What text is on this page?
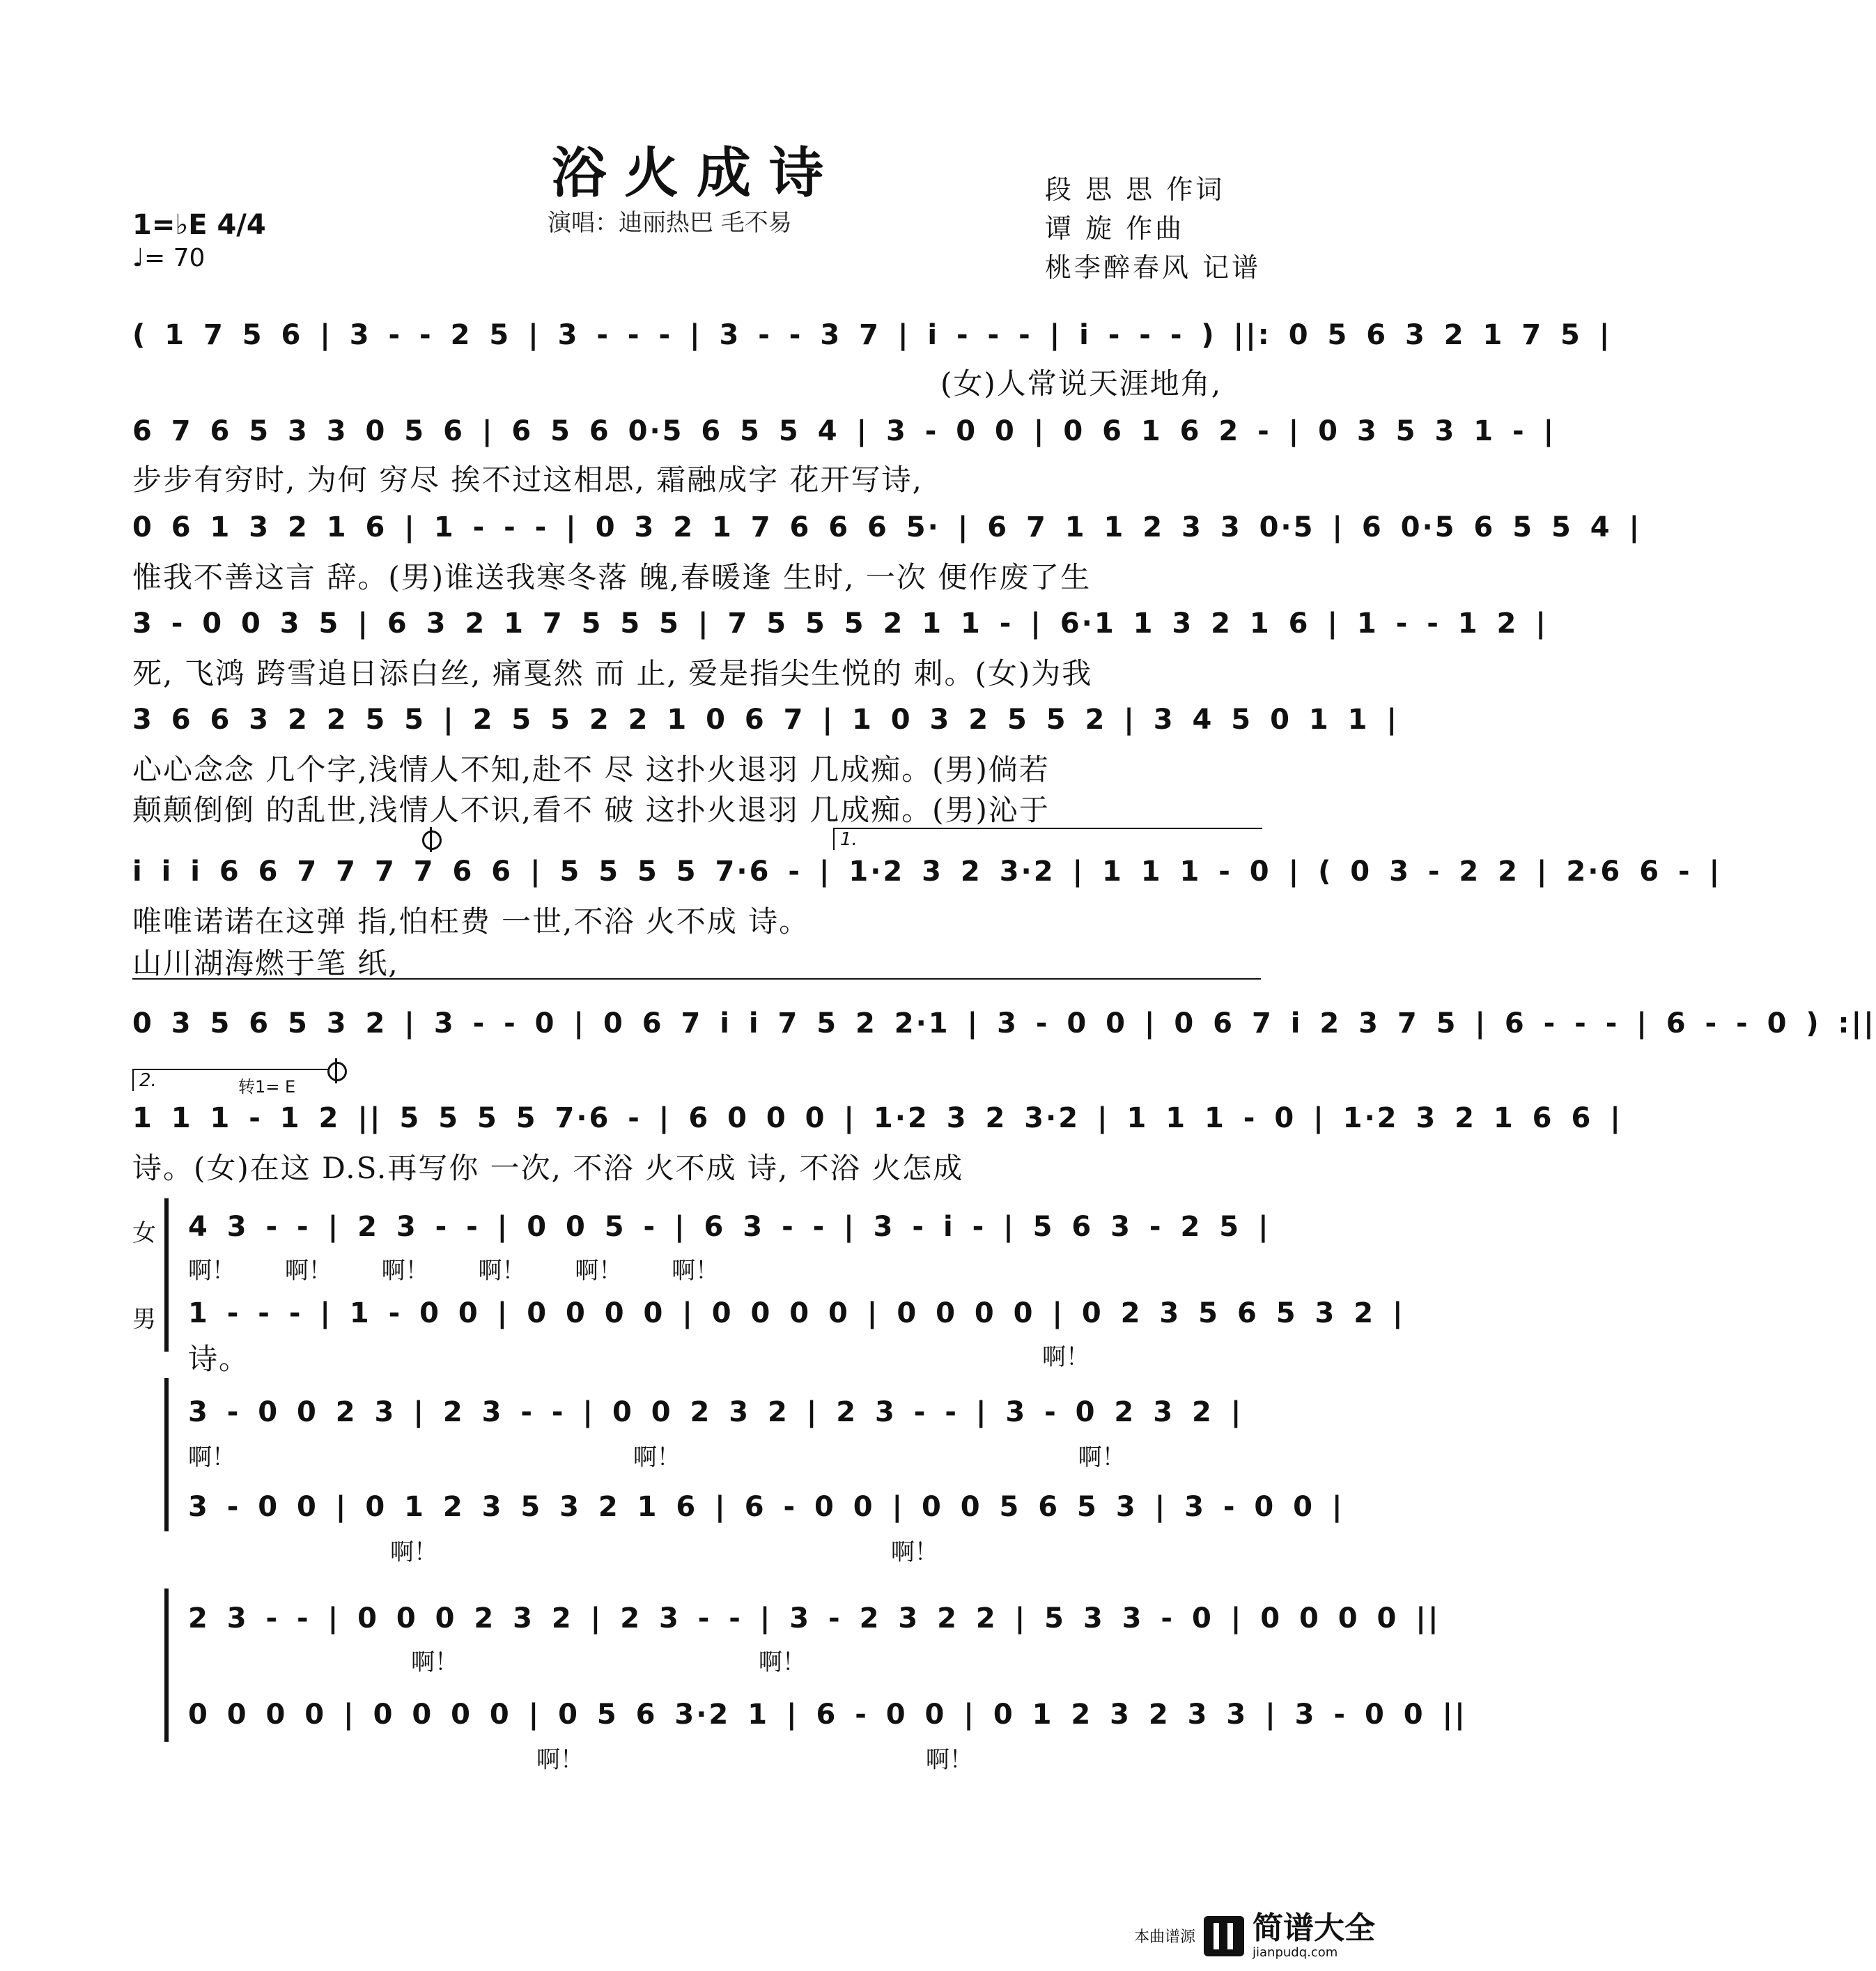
浴火成诗
演唱：迪丽热巴 毛不易
段 思 思 作词
谭 旋 作曲
桃李醉春风 记谱
1=♭E 4/4
♩= 70
( 1 7 5 6 | 3 - - 2 5 | 3 - - - | 3 - - 3 7 | i - - - | i - - - ) ||: 0 5 6 3 2 1 7 5 |
(女)人常说天涯地角,
6 7 6 5 3 3 0 5 6 | 6 5 6 0·5 6 5 5 4 | 3 - 0 0 | 0 6 1 6 2 - | 0 3 5 3 1 - |
步步有穷时, 为何 穷尽 挨不过这相思, 霜融成字 花开写诗,
0 6 1 3 2 1 6 | 1 - - - | 0 3 2 1 7 6 6 6 5· | 6 7 1 1 2 3 3 0·5 | 6 0·5 6 5 5 4 |
惟我不善这言 辞。(男)谁送我寒冬落 魄,春暖逢 生时, 一次 便作废了生
3 - 0 0 3 5 | 6 3 2 1 7 5 5 5 | 7 5 5 5 2 1 1 - | 6·1 1 3 2 1 6 | 1 - - 1 2 |
死, 飞鸿 跨雪追日添白丝, 痛戛然 而 止, 爱是指尖生悦的 刺。(女)为我
3 6 6 3 2 2 5 5 | 2 5 5 2 2 1 0 6 7 | 1 0 3 2 5 5 2 | 3 4 5 0 1 1 |
心心念念 几个字,浅情人不知,赴不 尽 这扑火退羽 几成痴。(男)倘若
颠颠倒倒 的乱世,浅情人不识,看不 破 这扑火退羽 几成痴。(男)沁于
1.
i i i 6 6 7 7 7 7 6 6 | 5 5 5 5 7·6 - | 1·2 3 2 3·2 | 1 1 1 - 0 | ( 0 3 - 2 2 | 2·6 6 - |
唯唯诺诺在这弹 指,怕枉费 一世,不浴 火不成 诗。
山川湖海燃于笔 纸,
0 3 5 6 5 3 2 | 3 - - 0 | 0 6 7 i i 7 5 2 2·1 | 3 - 0 0 | 0 6 7 i 2 3 7 5 | 6 - - - | 6 - - 0 ) :||
2.	转1= E
1 1 1 - 1 2 || 5 5 5 5 7·6 - | 6 0 0 0 | 1·2 3 2 3·2 | 1 1 1 - 0 | 1·2 3 2 1 6 6 |
诗。(女)在这 D.S.再写你 一次, 不浴 火不成 诗, 不浴 火怎成
女 4 3 - - | 2 3 - - | 0 0 5 - | 6 3 - - | 3 - i - | 5 6 3 - 2 5 |
啊！ 啊！ 啊！ 啊！ 啊！ 啊！
男 1 - - - | 1 - 0 0 | 0 0 0 0 | 0 0 0 0 | 0 0 0 0 | 0 2 3 5 6 5 3 2 |
诗。	啊！
3 - 0 0 2 3 | 2 3 - - | 0 0 2 3 2 | 2 3 - - | 3 - 0 2 3 2 |
啊！	啊！	啊！
3 - 0 0 | 0 1 2 3 5 3 2 1 6 | 6 - 0 0 | 0 0 5 6 5 3 | 3 - 0 0 |
啊！	啊！
2 3 - - | 0 0 0 2 3 2 | 2 3 - - | 3 - 2 3 2 2 | 5 3 3 - 0 | 0 0 0 0 ||
啊！	啊！
0 0 0 0 | 0 0 0 0 | 0 5 6 3·2 1 | 6 - 0 0 | 0 1 2 3 2 3 3 | 3 - 0 0 ||
啊！	啊！
本曲谱源 简谱大全
jianpudq.com
